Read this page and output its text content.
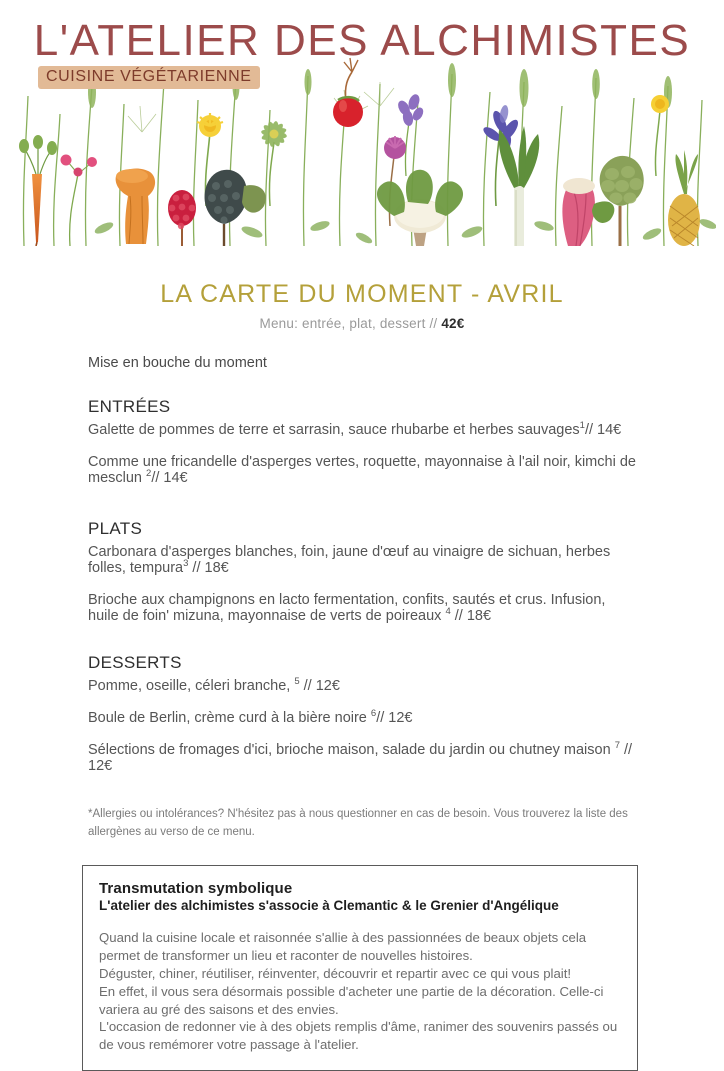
L'ATELIER DES ALCHIMISTES
CUISINE VÉGÉTARIENNE
LA CARTE DU MOMENT - AVRIL
Menu: entrée, plat, dessert // 42€
Mise en bouche du moment
ENTRÉES
Galette de pommes de terre et sarrasin, sauce rhubarbe et herbes sauvages$^1$// 14€
Comme une fricandelle d'asperges vertes, roquette, mayonnaise à l'ail noir, kimchi de mesclun $^2$// 14€
PLATS
Carbonara d'asperges blanches, foin, jaune d'œuf au vinaigre de sichuan, herbes folles, tempura$^3$ // 18€
Brioche aux champignons en lacto fermentation, confits, sautés et crus. Infusion, huile de foin' mizuna, mayonnaise de verts de poireaux $^4$ // 18€
DESSERTS
Pomme, oseille, céleri branche, $^5$ // 12€
Boule de Berlin, crème curd à la bière noire $^6$// 12€
Sélections de fromages d'ici, brioche maison, salade du jardin ou chutney maison $^7$ // 12€
*Allergies ou intolérances? N'hésitez pas à nous questionner en cas de besoin. Vous trouverez la liste des allergènes au verso de ce menu.
Transmutation symbolique
L'atelier des alchimistes s'associe à Clemantic & le Grenier d'Angélique

Quand la cuisine locale et raisonnée s'allie à des passionnées de beaux objets cela permet de transformer un lieu et raconter de nouvelles histoires.

Déguster, chiner, réutiliser, réinventer, découvrir et repartir avec ce qui vous plait!

En effet, il vous sera désormais possible d'acheter une partie de la décoration. Celle-ci variera au gré des saisons et des envies.

L'occasion de redonner vie à des objets remplis d'âme, ranimer des souvenirs passés ou de vous remémorer votre passage à l'atelier.
